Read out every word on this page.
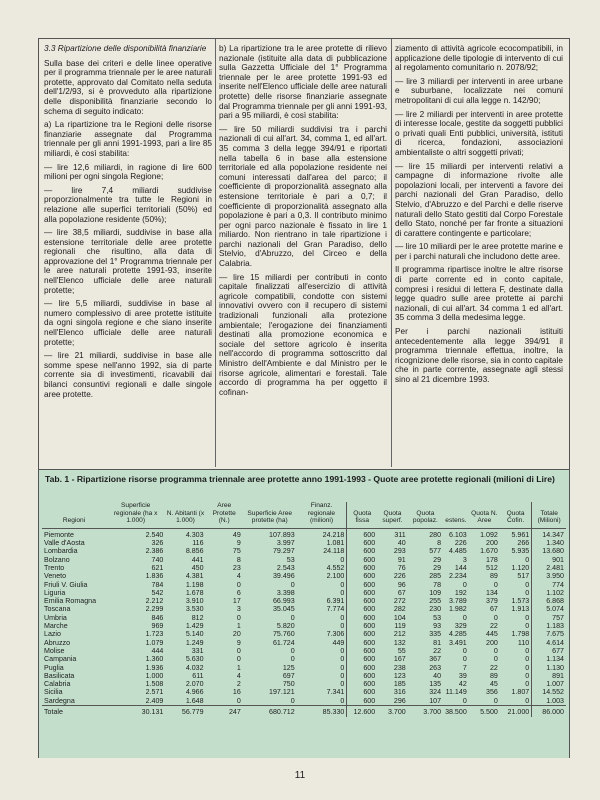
3.3 Ripartizione delle disponibilità finanziarie

Sulla base dei criteri e delle linee operative per il programma triennale per le aree naturali protette, approvato dal Comitato nella seduta dell'1/2/93, si è provveduto alla ripartizione delle disponibilità finanziarie secondo lo schema di seguito indicato:

a) La ripartizione tra le Regioni delle risorse finanziarie assegnate dal Programma triennale per gli anni 1991-1993, pari a lire 85 miliardi, è così stabilita:

— lire 12,6 miliardi, in ragione di lire 600 milioni per ogni singola Regione;

— lire 7,4 miliardi suddivise proporzionalmente tra tutte le Regioni in relazione alle superfici territoriali (50%) ed alla popolazione residente (50%);

— lire 38,5 miliardi, suddivise in base alla estensione territoriale delle aree protette regionali che risultino, alla data di approvazione del 1° Programma triennale per le aree naturali protette 1991-93, inserite nell'Elenco ufficiale delle aree naturali protette;

— lire 5,5 miliardi, suddivise in base al numero complessivo di aree protette istituite da ogni singola regione e che siano inserite nell'Elenco ufficiale delle aree naturali protette;

— lire 21 miliardi, suddivise in base alle somme spese nell'anno 1992, sia di parte corrente sia di investimenti, ricavabili dai bilanci consuntivi regionali e dalle singole aree protette.

b) La ripartizione tra le aree protette di rilievo nazionale (istituite alla data di pubblicazione sulla Gazzetta Ufficiale del 1° Programma triennale per le aree protette 1991-93 ed inserite nell'Elenco ufficiale delle aree naturali protette) delle risorse finanziarie assegnate dal Programma triennale per gli anni 1991-93, pari a 95 miliardi, è così stabilita:

— lire 50 miliardi suddivisi tra i parchi nazionali di cui all'art. 34, comma 1, ed all'art. 35 comma 3 della legge 394/91 e riportati nella tabella 6 in base alla estensione territoriale ed alla popolazione residente nei comuni interessati dall'area del parco; il coefficiente di proporzionalità assegnato alla estensione territoriale è pari a 0,7; il coefficiente di proporzionalità assegnato alla popolazione è pari a 0,3. Il contributo minimo per ogni parco nazionale è fissato in lire 1 miliardo. Non rientrano in tale ripartizione i parchi nazionali del Gran Paradiso, dello Stelvio, d'Abruzzo, del Circeo e della Calabria.

— lire 15 miliardi per contributi in conto capitale finalizzati all'esercizio di attività agricole compatibili, condotte con sistemi innovativi ovvero con il recupero di sistemi tradizionali funzionali alla protezione ambientale; l'erogazione dei finanziamenti destinati alla promozione economica e sociale del settore agricolo è inserita nell'accordo di programma sottoscritto dal Ministro dell'Ambiente e dal Ministro per le risorse agricole, alimentari e forestali. Tale accordo di programma ha per oggetto il cofinan-

ziamento di attività agricole ecocompatibili, in applicazione delle tipologie di intervento di cui al regolamento comunitario n. 2078/92;

— lire 3 miliardi per interventi in aree urbane e suburbane, localizzate nei comuni metropolitani di cui alla legge n. 142/90;

— lire 2 miliardi per interventi in aree protette di interesse locale, gestite da soggetti pubblici o privati quali Enti pubblici, università, istituti di ricerca, fondazioni, associazioni ambientaliste o altri soggetti privati;

— lire 15 miliardi per interventi relativi a campagne di informazione rivolte alle popolazioni locali, per interventi a favore dei parchi nazionali del Gran Paradiso, dello Stelvio, d'Abruzzo e del Parchi e delle riserve naturali dello Stato gestiti dal Corpo Forestale dello Stato, nonché per far fronte a situazioni di carattere contingente e particolare;

— lire 10 miliardi per le aree protette marine e per i parchi naturali che includono dette aree.

Il programma ripartisce inoltre le altre risorse di parte corrente ed in conto capitale, compresi i residui di lettera F, destinate dalla legge quadro sulle aree protette ai parchi nazionali, di cui all'art. 34 comma 1 ed all'art. 35 comma 3 della medesima legge.

Per i parchi nazionali istituiti antecedentemente alla legge 394/91 il programma triennale effettua, inoltre, la ricognizione delle risorse, sia in conto capitale che in parte corrente, assegnate agli stessi sino al 21 dicembre 1993.

Tab. 1 - Ripartizione risorse programma triennale aree protette anno 1991-1993 - Quote aree protette regionali (milioni di Lire)
Regioni	Superficie regionale (ha x 1.000)	N. Abitanti (x 1.000)	Aree Protette (N.)	Superficie Aree protette (ha)	Finanz. regionale (milioni)	Quota fissa	Quota superf.	Quota popolaz.	estens.	Quota N. Aree	Quota Cofin.	Totale (Milioni)
Piemonte	2.540	4.303	49	107.893	24.218	600	311	280	6.103	1.092	5.961	14.347
Valle d'Aosta	326	116	9	3.997	1.081	600	40	8	226	200	266	1.340
Lombardia	2.386	8.856	75	79.297	24.118	600	293	577	4.485	1.670	5.935	13.680
Bolzano	740	441	8	53	0	600	91	29	3	178	0	901
Trento	621	450	23	2.543	4.552	600	76	29	144	512	1.120	2.481
Veneto	1.836	4.381	4	39.496	2.100	600	226	285	2.234	89	517	3.950
Friuli V. Giulia	784	1.198	0	0	0	600	96	78	0	0	0	774
Liguria	542	1.678	6	3.398	0	600	67	109	192	134	0	1.102
Emilia Romagna	2.212	3.910	17	66.993	6.391	600	272	255	3.789	379	1.573	6.868
Toscana	2.299	3.530	3	35.045	7.774	600	282	230	1.982	67	1.913	5.074
Umbria	846	812	0	0	0	600	104	53	0	0	0	757
Marche	969	1.429	1	5.820	0	600	119	93	329	22	0	1.183
Lazio	1.723	5.140	20	75.760	7.306	600	212	335	4.285	445	1.798	7.675
Abruzzo	1.079	1.249	9	61.724	449	600	132	81	3.491	200	110	4.614
Molise	444	331	0	0	0	600	55	22	0	0	0	677
Campania	1.360	5.630	0	0	0	600	167	367	0	0	0	1.134
Puglia	1.936	4.032	1	125	0	600	238	263	7	22	0	1.130
Basilicata	1.000	611	4	697	0	600	123	40	39	89	0	891
Calabria	1.508	2.070	2	750	0	600	185	135	42	45	0	1.007
Sicilia	2.571	4.966	16	197.121	7.341	600	316	324	11.149	356	1.807	14.552
Sardegna	2.409	1.648	0	0	0	600	296	107	0	0	0	1.003
Totale	30.131	56.779	247	680.712	85.330	12.600	3.700	3.700	38.500	5.500	21.000	86.000
11
